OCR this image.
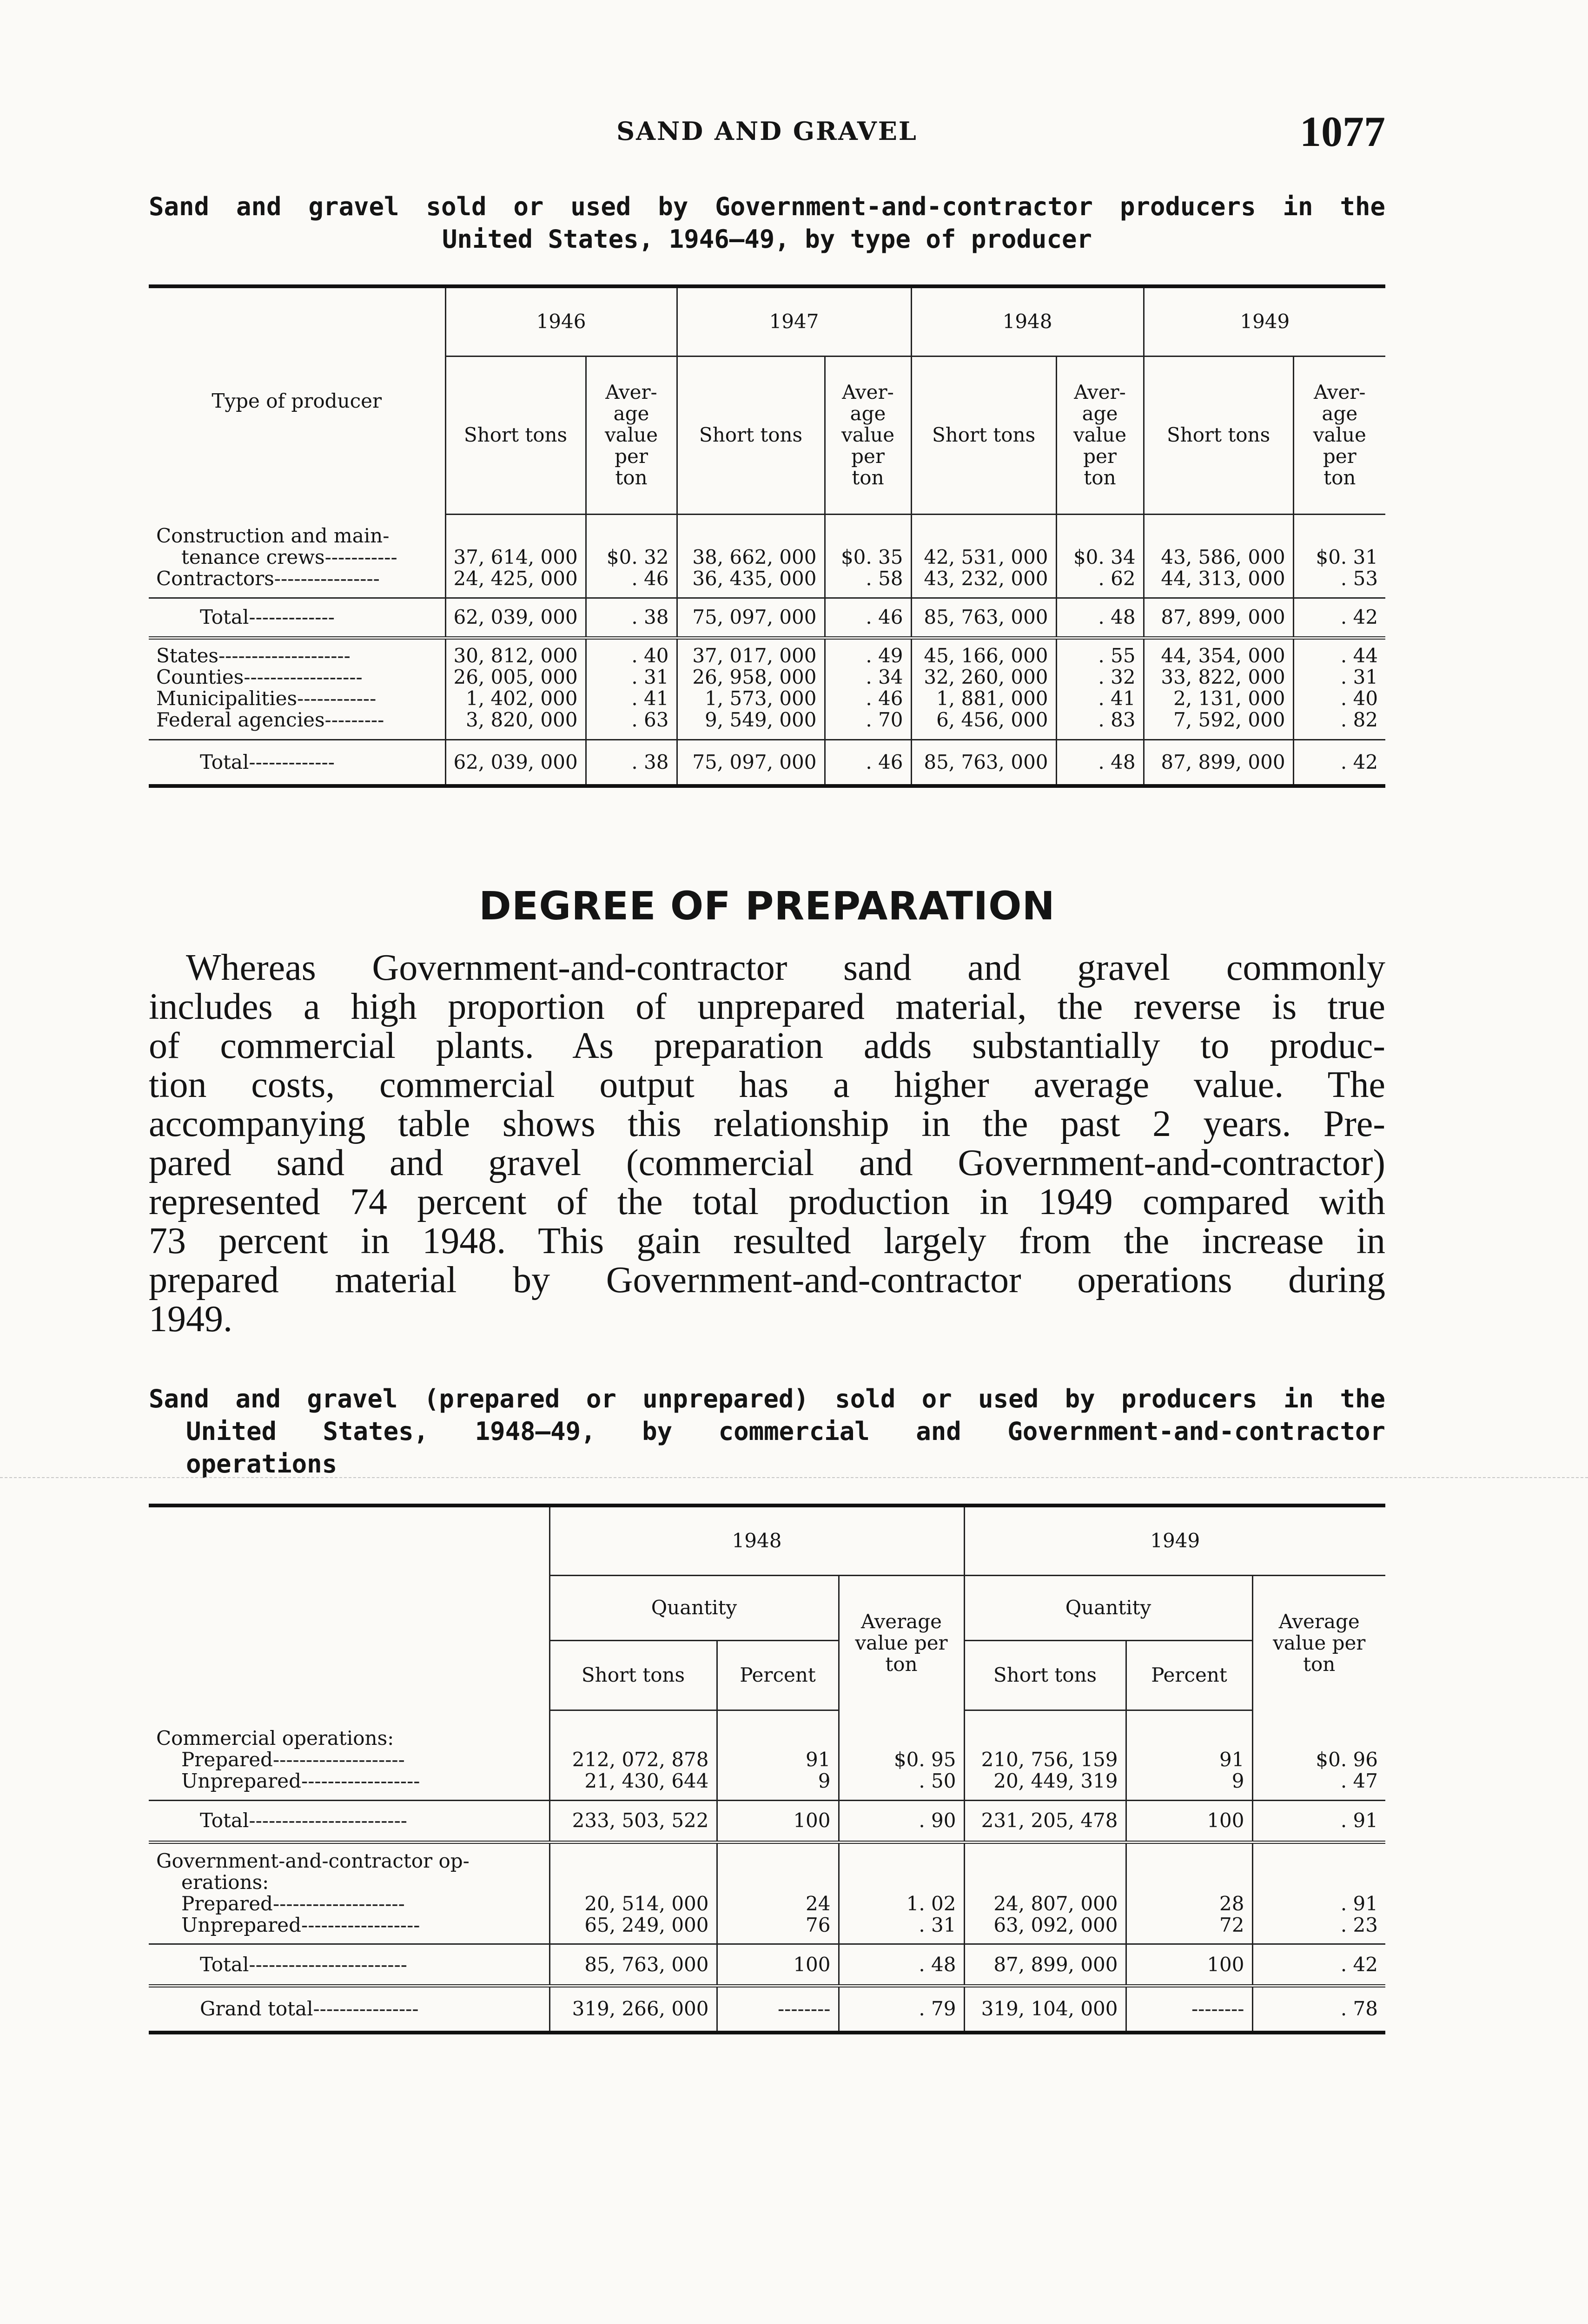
SAND AND GRAVEL	1077
Sand and gravel sold or used by Government-and-contractor producers in the
United States, 1946–49, by type of producer
Type of producer	1946		1947		1948		1949	
	Short tons	Aver-
age
value
per
ton	Short tons	Aver-
age
value
per
ton	Short tons	Aver-
age
value
per
ton	Short tons	Aver-
age
value
per
ton
Construction and main-								
tenance crews-----------	37, 614, 000	$0. 32	38, 662, 000	$0. 35	42, 531, 000	$0. 34	43, 586, 000	$0. 31
Contractors----------------	24, 425, 000	. 46	36, 435, 000	. 58	43, 232, 000	. 62	44, 313, 000	. 53
Total-------------	62, 039, 000	. 38	75, 097, 000	. 46	85, 763, 000	. 48	87, 899, 000	. 42
States--------------------	30, 812, 000	. 40	37, 017, 000	. 49	45, 166, 000	. 55	44, 354, 000	. 44
Counties------------------	26, 005, 000	. 31	26, 958, 000	. 34	32, 260, 000	. 32	33, 822, 000	. 31
Municipalities------------	1, 402, 000	. 41	1, 573, 000	. 46	1, 881, 000	. 41	2, 131, 000	. 40
Federal agencies---------	3, 820, 000	. 63	9, 549, 000	. 70	6, 456, 000	. 83	7, 592, 000	. 82
Total-------------	62, 039, 000	. 38	75, 097, 000	. 46	85, 763, 000	. 48	87, 899, 000	. 42
DEGREE OF PREPARATION
Whereas Government-and-contractor sand and gravel commonly
includes a high proportion of unprepared material, the reverse is true
of commercial plants. As preparation adds substantially to produc-
tion costs, commercial output has a higher average value. The
accompanying table shows this relationship in the past 2 years. Pre-
pared sand and gravel (commercial and Government-and-contractor)
represented 74 percent of the total production in 1949 compared with
73 percent in 1948. This gain resulted largely from the increase in
prepared material by Government-and-contractor operations during
1949.
Sand and gravel (prepared or unprepared) sold or used by producers in the
United States, 1948–49, by commercial and Government-and-contractor
operations
	1948			1949		
	Quantity		Average
value per
ton	Quantity		Average
value per
ton
	Short tons	Percent		Short tons	Percent	
Commercial operations:						
Prepared--------------------	212, 072, 878	91	$0. 95	210, 756, 159	91	$0. 96
Unprepared------------------	21, 430, 644	9	. 50	20, 449, 319	9	. 47
Total------------------------	233, 503, 522	100	. 90	231, 205, 478	100	. 91
Government-and-contractor op-						
erations:						
Prepared--------------------	20, 514, 000	24	1. 02	24, 807, 000	28	. 91
Unprepared------------------	65, 249, 000	76	. 31	63, 092, 000	72	. 23
Total------------------------	85, 763, 000	100	. 48	87, 899, 000	100	. 42
Grand total----------------	319, 266, 000	--------	. 79	319, 104, 000	--------	. 78
